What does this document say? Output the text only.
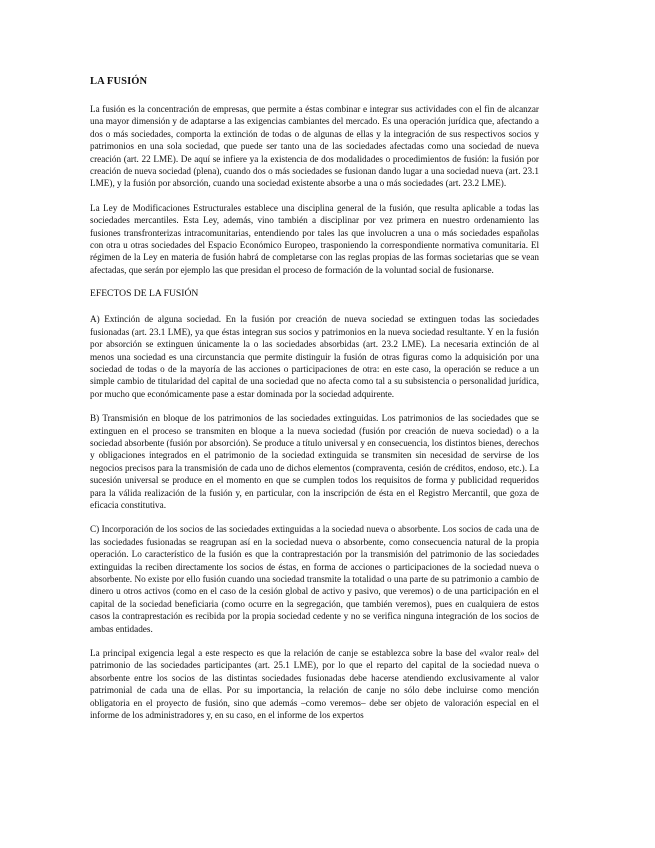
LA FUSIÓN

La fusión es la concentración de empresas, que permite a éstas combinar e integrar sus actividades con el fin de alcanzar una mayor dimensión y de adaptarse a las exigencias cambiantes del mercado. Es una operación jurídica que, afectando a dos o más sociedades, comporta la extinción de todas o de algunas de ellas y la integración de sus respectivos socios y patrimonios en una sola sociedad, que puede ser tanto una de las sociedades afectadas como una sociedad de nueva creación (art. 22 LME). De aquí se infiere ya la existencia de dos modalidades o procedimientos de fusión: la fusión por creación de nueva sociedad (plena), cuando dos o más sociedades se fusionan dando lugar a una sociedad nueva (art. 23.1 LME), y la fusión por absorción, cuando una sociedad existente absorbe a una o más sociedades (art. 23.2 LME).

La Ley de Modificaciones Estructurales establece una disciplina general de la fusión, que resulta aplicable a todas las sociedades mercantiles. Esta Ley, además, vino también a disciplinar por vez primera en nuestro ordenamiento las fusiones transfronterizas intracomunitarias, entendiendo por tales las que involucren a una o más sociedades españolas con otra u otras sociedades del Espacio Económico Europeo, trasponiendo la correspondiente normativa comunitaria. El régimen de la Ley en materia de fusión habrá de completarse con las reglas propias de las formas societarias que se vean afectadas, que serán por ejemplo las que presidan el proceso de formación de la voluntad social de fusionarse.

EFECTOS DE LA FUSIÓN

A) Extinción de alguna sociedad. En la fusión por creación de nueva sociedad se extinguen todas las sociedades fusionadas (art. 23.1 LME), ya que éstas integran sus socios y patrimonios en la nueva sociedad resultante. Y en la fusión por absorción se extinguen únicamente la o las sociedades absorbidas (art. 23.2 LME). La necesaria extinción de al menos una sociedad es una circunstancia que permite distinguir la fusión de otras figuras como la adquisición por una sociedad de todas o de la mayoría de las acciones o participaciones de otra: en este caso, la operación se reduce a un simple cambio de titularidad del capital de una sociedad que no afecta como tal a su subsistencia o personalidad jurídica, por mucho que económicamente pase a estar dominada por la sociedad adquirente.

B) Transmisión en bloque de los patrimonios de las sociedades extinguidas. Los patrimonios de las sociedades que se extinguen en el proceso se transmiten en bloque a la nueva sociedad (fusión por creación de nueva sociedad) o a la sociedad absorbente (fusión por absorción). Se produce a título universal y en consecuencia, los distintos bienes, derechos y obligaciones integrados en el patrimonio de la sociedad extinguida se transmiten sin necesidad de servirse de los negocios precisos para la transmisión de cada uno de dichos elementos (compraventa, cesión de créditos, endoso, etc.). La sucesión universal se produce en el momento en que se cumplen todos los requisitos de forma y publicidad requeridos para la válida realización de la fusión y, en particular, con la inscripción de ésta en el Registro Mercantil, que goza de eficacia constitutiva.

C) Incorporación de los socios de las sociedades extinguidas a la sociedad nueva o absorbente. Los socios de cada una de las sociedades fusionadas se reagrupan así en la sociedad nueva o absorbente, como consecuencia natural de la propia operación. Lo característico de la fusión es que la contraprestación por la transmisión del patrimonio de las sociedades extinguidas la reciben directamente los socios de éstas, en forma de acciones o participaciones de la sociedad nueva o absorbente. No existe por ello fusión cuando una sociedad transmite la totalidad o una parte de su patrimonio a cambio de dinero u otros activos (como en el caso de la cesión global de activo y pasivo, que veremos) o de una participación en el capital de la sociedad beneficiaria (como ocurre en la segregación, que también veremos), pues en cualquiera de estos casos la contraprestación es recibida por la propia sociedad cedente y no se verifica ninguna integración de los socios de ambas entidades.

La principal exigencia legal a este respecto es que la relación de canje se establezca sobre la base del «valor real» del patrimonio de las sociedades participantes (art. 25.1 LME), por lo que el reparto del capital de la sociedad nueva o absorbente entre los socios de las distintas sociedades fusionadas debe hacerse atendiendo exclusivamente al valor patrimonial de cada una de ellas. Por su importancia, la relación de canje no sólo debe incluirse como mención obligatoria en el proyecto de fusión, sino que además –como veremos– debe ser objeto de valoración especial en el informe de los administradores y, en su caso, en el informe de los expertos
